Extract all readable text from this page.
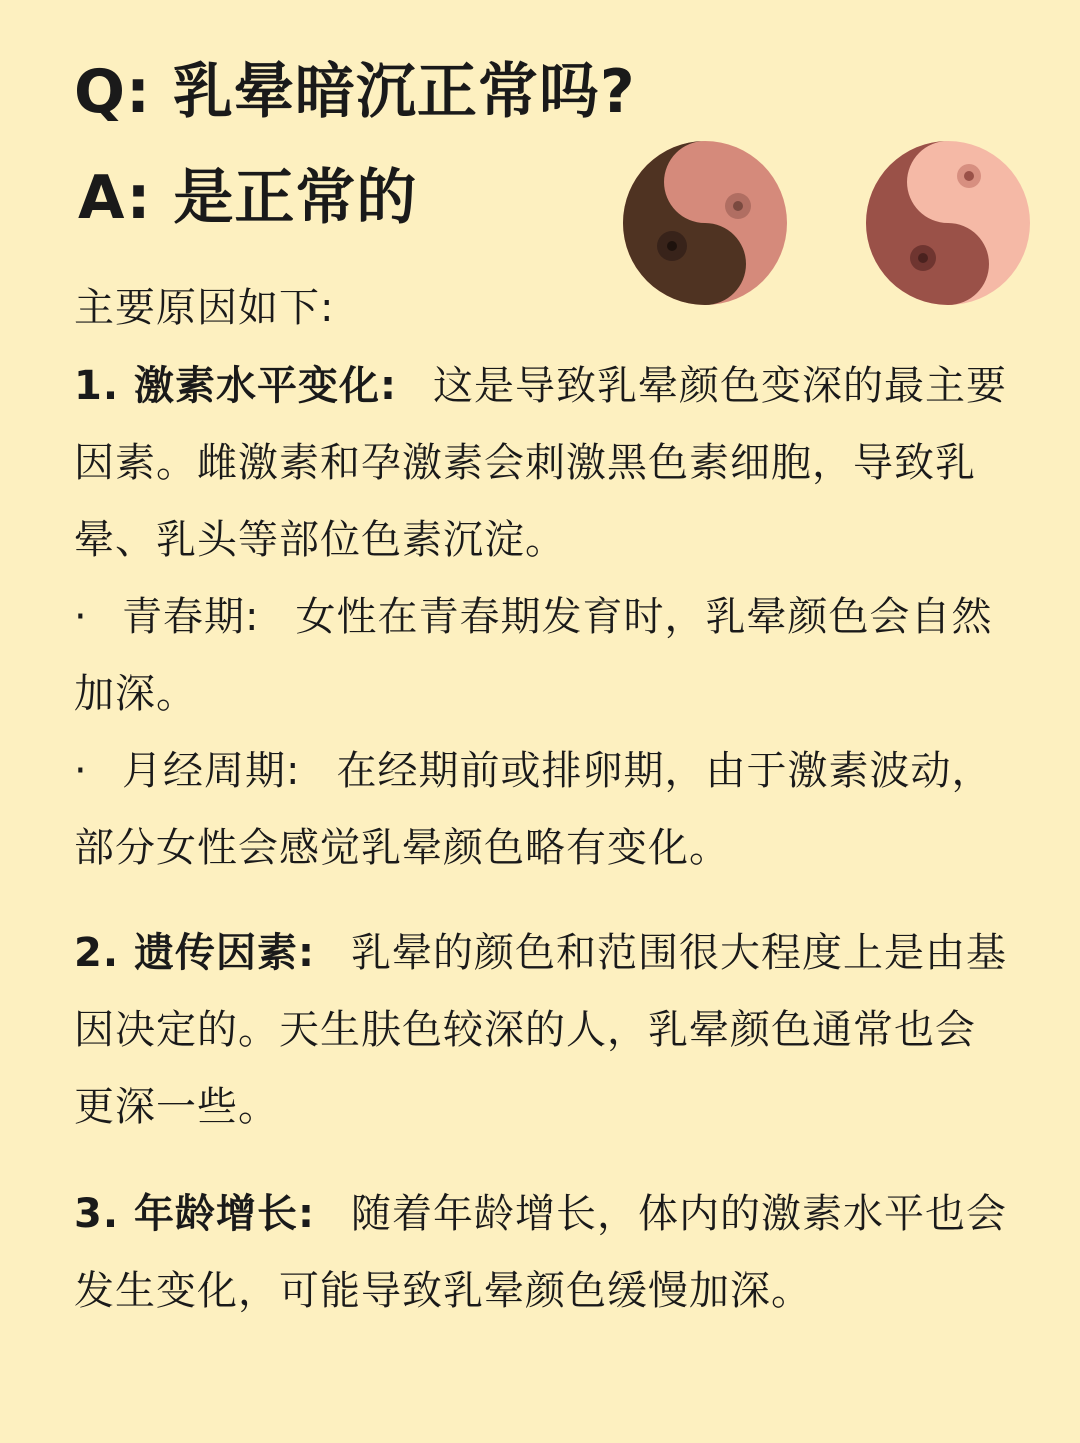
Q: 乳晕暗沉正常吗?
A: 是正常的

主要原因如下:

1. 激素水平变化: 这是导致乳晕颜色变深的最主要因素。雌激素和孕激素会刺激黑色素细胞，导致乳晕、乳头等部位色素沉淀。

· 青春期: 女性在青春期发育时，乳晕颜色会自然加深。

· 月经周期: 在经期前或排卵期，由于激素波动，部分女性会感觉乳晕颜色略有变化。

2. 遗传因素: 乳晕的颜色和范围很大程度上是由基因决定的。天生肤色较深的人，乳晕颜色通常也会更深一些。

3. 年龄增长: 随着年龄增长，体内的激素水平也会发生变化，可能导致乳晕颜色缓慢加深。
